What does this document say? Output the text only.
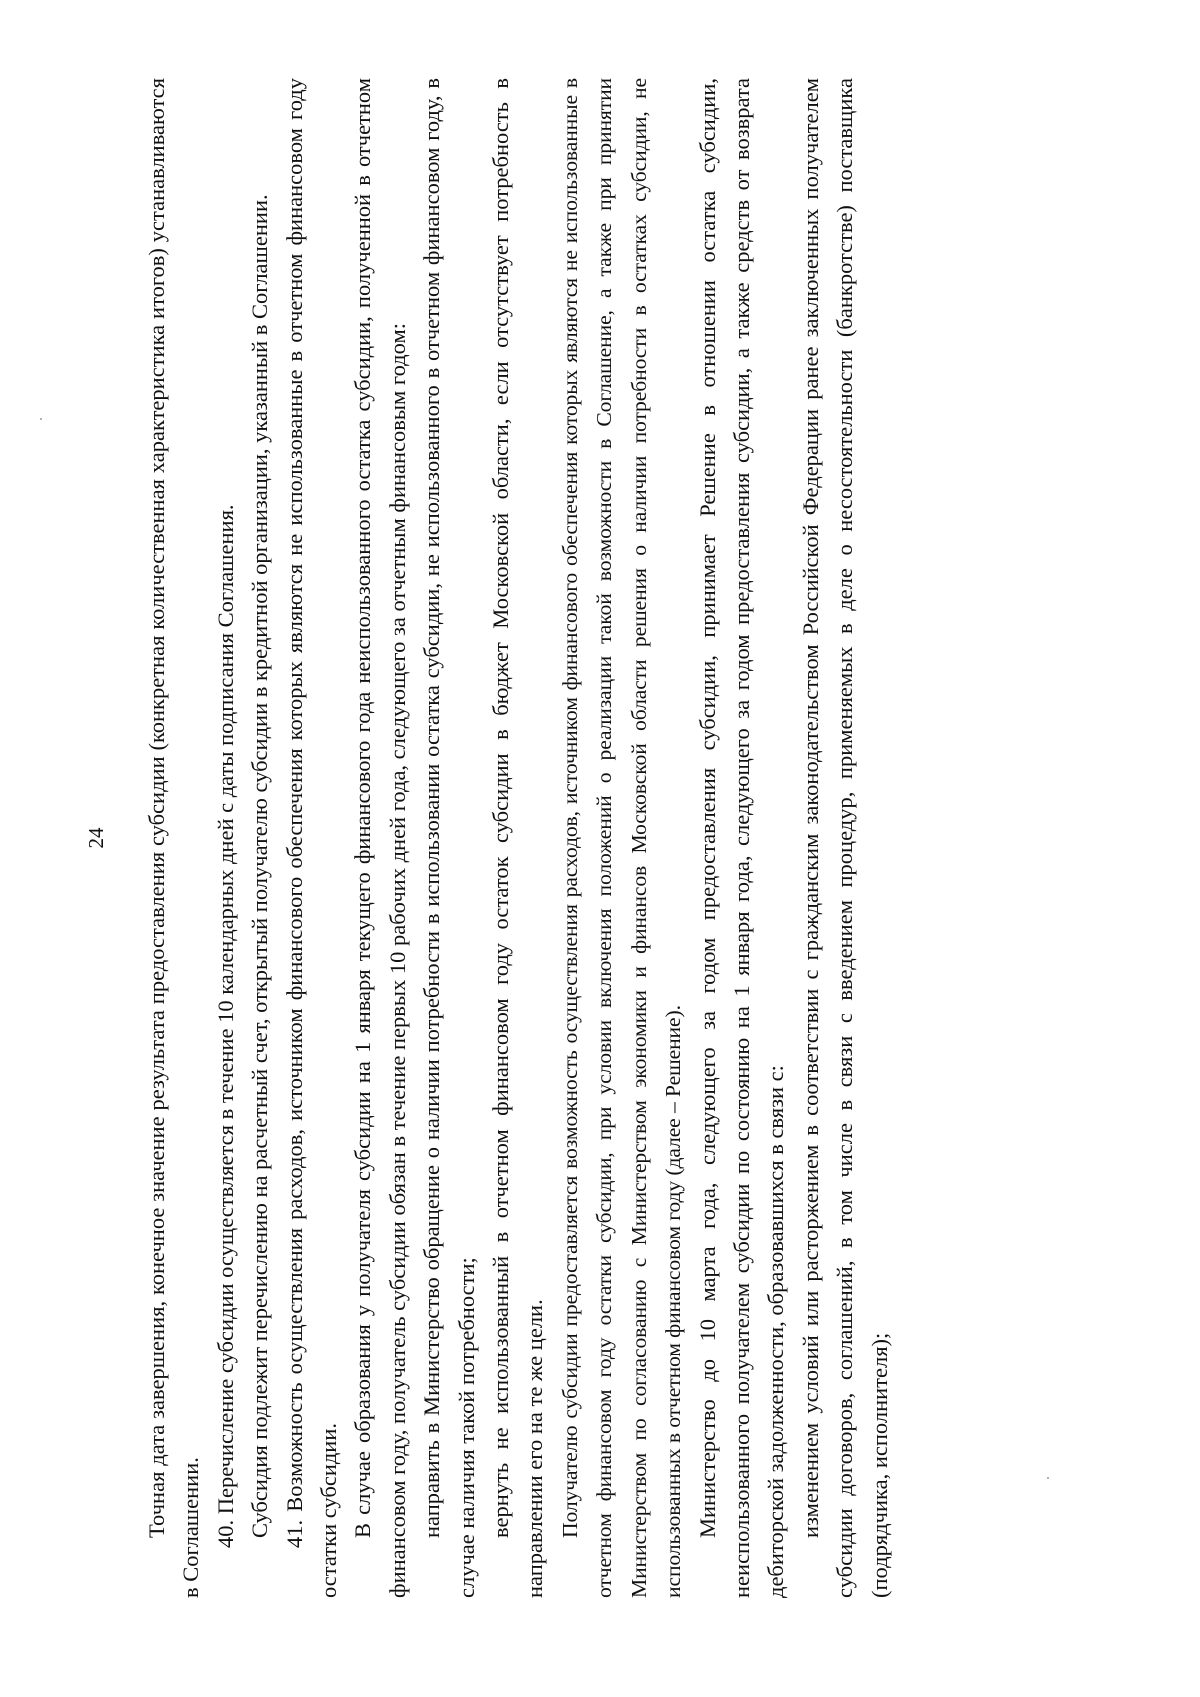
24 Точная дата завершения, конечное значение результата предоставления субсидии (конкретная количественная характеристика итогов) устанавливаются в Соглашении. 40. Перечисление субсидии осуществляется в течение 10 календарных дней с даты подписания Соглашения. Субсидия подлежит перечислению на расчетный счет, открытый получателю субсидии в кредитной организации, указанный в Соглашении. 41. Возможность осуществления расходов, источником финансового обеспечения которых являются не использованные в отчетном финансовом году остатки субсидии. В случае образования у получателя субсидии на 1 января текущего финансового года неиспользованного остатка субсидии, полученной в отчетном финансовом году, получатель субсидии обязан в течение первых 10 рабочих дней года, следующего за отчетным финансовым годом: направить в Министерство обращение о наличии потребности в использовании остатка субсидии, не использованного в отчетном финансовом году, в случае наличия такой потребности; вернуть не использованный в отчетном финансовом году остаток субсидии в бюджет Московской области, если отсутствует потребность в направлении его на те же цели. Получателю субсидии предоставляется возможность осуществления расходов, источником финансового обеспечения которых являются не использованные в отчетном финансовом году остатки субсидии, при условии включения положений о реализации такой возможности в Соглашение, а также при принятии Министерством по согласованию с Министерством экономики и финансов Московской области решения о наличии потребности в остатках субсидии, не использованных в отчетном финансовом году (далее – Решение). Министерство до 10 марта года, следующего за годом предоставления субсидии, принимает Решение в отношении остатка субсидии, неиспользованного получателем субсидии по состоянию на 1 января года, следующего за годом предоставления субсидии, а также средств от возврата дебиторской задолженности, образовавшихся в связи с: изменением условий или расторжением в соответствии с гражданским законодательством Российской Федерации ранее заключенных получателем субсидии договоров, соглашений, в том числе в связи с введением процедур, применяемых в деле о несостоятельности (банкротстве) поставщика (подрядчика, исполнителя);
